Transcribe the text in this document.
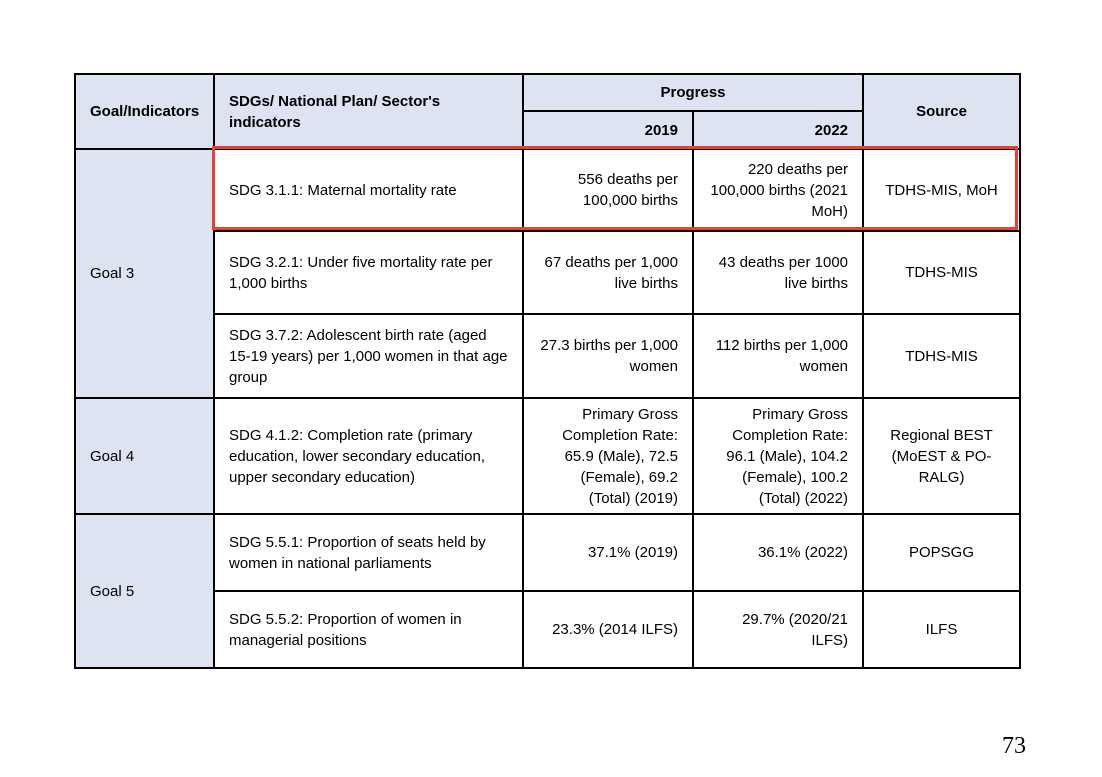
Goal/Indicators	SDGs/ National Plan/ Sector's indicators	Progress		Source
		2019	2022	
Goal 3	SDG 3.1.1: Maternal mortality rate	556 deaths per 100,000 births	220 deaths per 100,000 births (2021 MoH)	TDHS-MIS, MoH
	SDG 3.2.1: Under five mortality rate per 1,000 births	67 deaths per 1,000 live births	43 deaths per 1000 live births	TDHS-MIS
	SDG 3.7.2: Adolescent birth rate (aged 15-19 years) per 1,000 women in that age group	27.3 births per 1,000 women	112 births per 1,000 women	TDHS-MIS
Goal 4	SDG 4.1.2: Completion rate (primary education, lower secondary education, upper secondary education)	Primary Gross Completion Rate: 65.9 (Male), 72.5 (Female), 69.2 (Total) (2019)	Primary Gross Completion Rate: 96.1 (Male), 104.2 (Female), 100.2 (Total) (2022)	Regional BEST (MoEST & PO-RALG)
Goal 5	SDG 5.5.1: Proportion of seats held by women in national parliaments	37.1% (2019)	36.1% (2022)	POPSGG
	SDG 5.5.2: Proportion of women in managerial positions	23.3% (2014 ILFS)	29.7% (2020/21 ILFS)	ILFS
73
